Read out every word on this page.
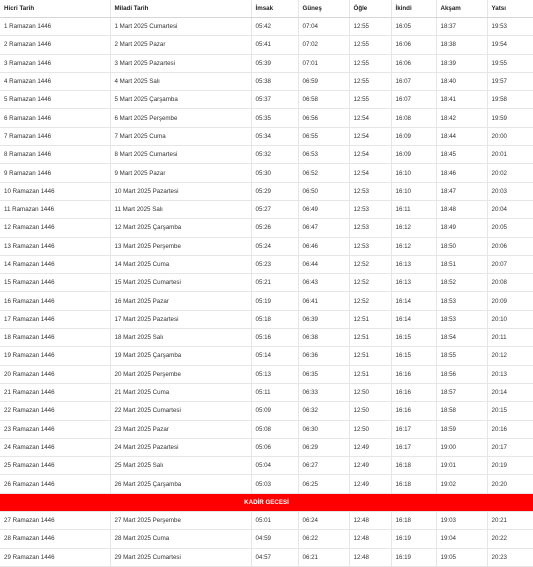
Hicri Tarih	Miladi Tarih	İmsak	Güneş	Öğle	İkindi	Akşam	Yatsı
1 Ramazan 1446	1 Mart 2025 Cumartesi	05:42	07:04	12:55	16:05	18:37	19:53
2 Ramazan 1446	2 Mart 2025 Pazar	05:41	07:02	12:55	16:06	18:38	19:54
3 Ramazan 1446	3 Mart 2025 Pazartesi	05:39	07:01	12:55	16:06	18:39	19:55
4 Ramazan 1446	4 Mart 2025 Salı	05:38	06:59	12:55	16:07	18:40	19:57
5 Ramazan 1446	5 Mart 2025 Çarşamba	05:37	06:58	12:55	16:07	18:41	19:58
6 Ramazan 1446	6 Mart 2025 Perşembe	05:35	06:56	12:54	16:08	18:42	19:59
7 Ramazan 1446	7 Mart 2025 Cuma	05:34	06:55	12:54	16:09	18:44	20:00
8 Ramazan 1446	8 Mart 2025 Cumartesi	05:32	06:53	12:54	16:09	18:45	20:01
9 Ramazan 1446	9 Mart 2025 Pazar	05:30	06:52	12:54	16:10	18:46	20:02
10 Ramazan 1446	10 Mart 2025 Pazartesi	05:29	06:50	12:53	16:10	18:47	20:03
11 Ramazan 1446	11 Mart 2025 Salı	05:27	06:49	12:53	16:11	18:48	20:04
12 Ramazan 1446	12 Mart 2025 Çarşamba	05:26	06:47	12:53	16:12	18:49	20:05
13 Ramazan 1446	13 Mart 2025 Perşembe	05:24	06:46	12:53	16:12	18:50	20:06
14 Ramazan 1446	14 Mart 2025 Cuma	05:23	06:44	12:52	16:13	18:51	20:07
15 Ramazan 1446	15 Mart 2025 Cumartesi	05:21	06:43	12:52	16:13	18:52	20:08
16 Ramazan 1446	16 Mart 2025 Pazar	05:19	06:41	12:52	16:14	18:53	20:09
17 Ramazan 1446	17 Mart 2025 Pazartesi	05:18	06:39	12:51	16:14	18:53	20:10
18 Ramazan 1446	18 Mart 2025 Salı	05:16	06:38	12:51	16:15	18:54	20:11
19 Ramazan 1446	19 Mart 2025 Çarşamba	05:14	06:36	12:51	16:15	18:55	20:12
20 Ramazan 1446	20 Mart 2025 Perşembe	05:13	06:35	12:51	16:16	18:56	20:13
21 Ramazan 1446	21 Mart 2025 Cuma	05:11	06:33	12:50	16:16	18:57	20:14
22 Ramazan 1446	22 Mart 2025 Cumartesi	05:09	06:32	12:50	16:16	18:58	20:15
23 Ramazan 1446	23 Mart 2025 Pazar	05:08	06:30	12:50	16:17	18:59	20:16
24 Ramazan 1446	24 Mart 2025 Pazartesi	05:06	06:29	12:49	16:17	19:00	20:17
25 Ramazan 1446	25 Mart 2025 Salı	05:04	06:27	12:49	16:18	19:01	20:19
26 Ramazan 1446	26 Mart 2025 Çarşamba	05:03	06:25	12:49	16:18	19:02	20:20
KADİR GECESİ							
27 Ramazan 1446	27 Mart 2025 Perşembe	05:01	06:24	12:48	16:18	19:03	20:21
28 Ramazan 1446	28 Mart 2025 Cuma	04:59	06:22	12:48	16:19	19:04	20:22
29 Ramazan 1446	29 Mart 2025 Cumartesi	04:57	06:21	12:48	16:19	19:05	20:23
